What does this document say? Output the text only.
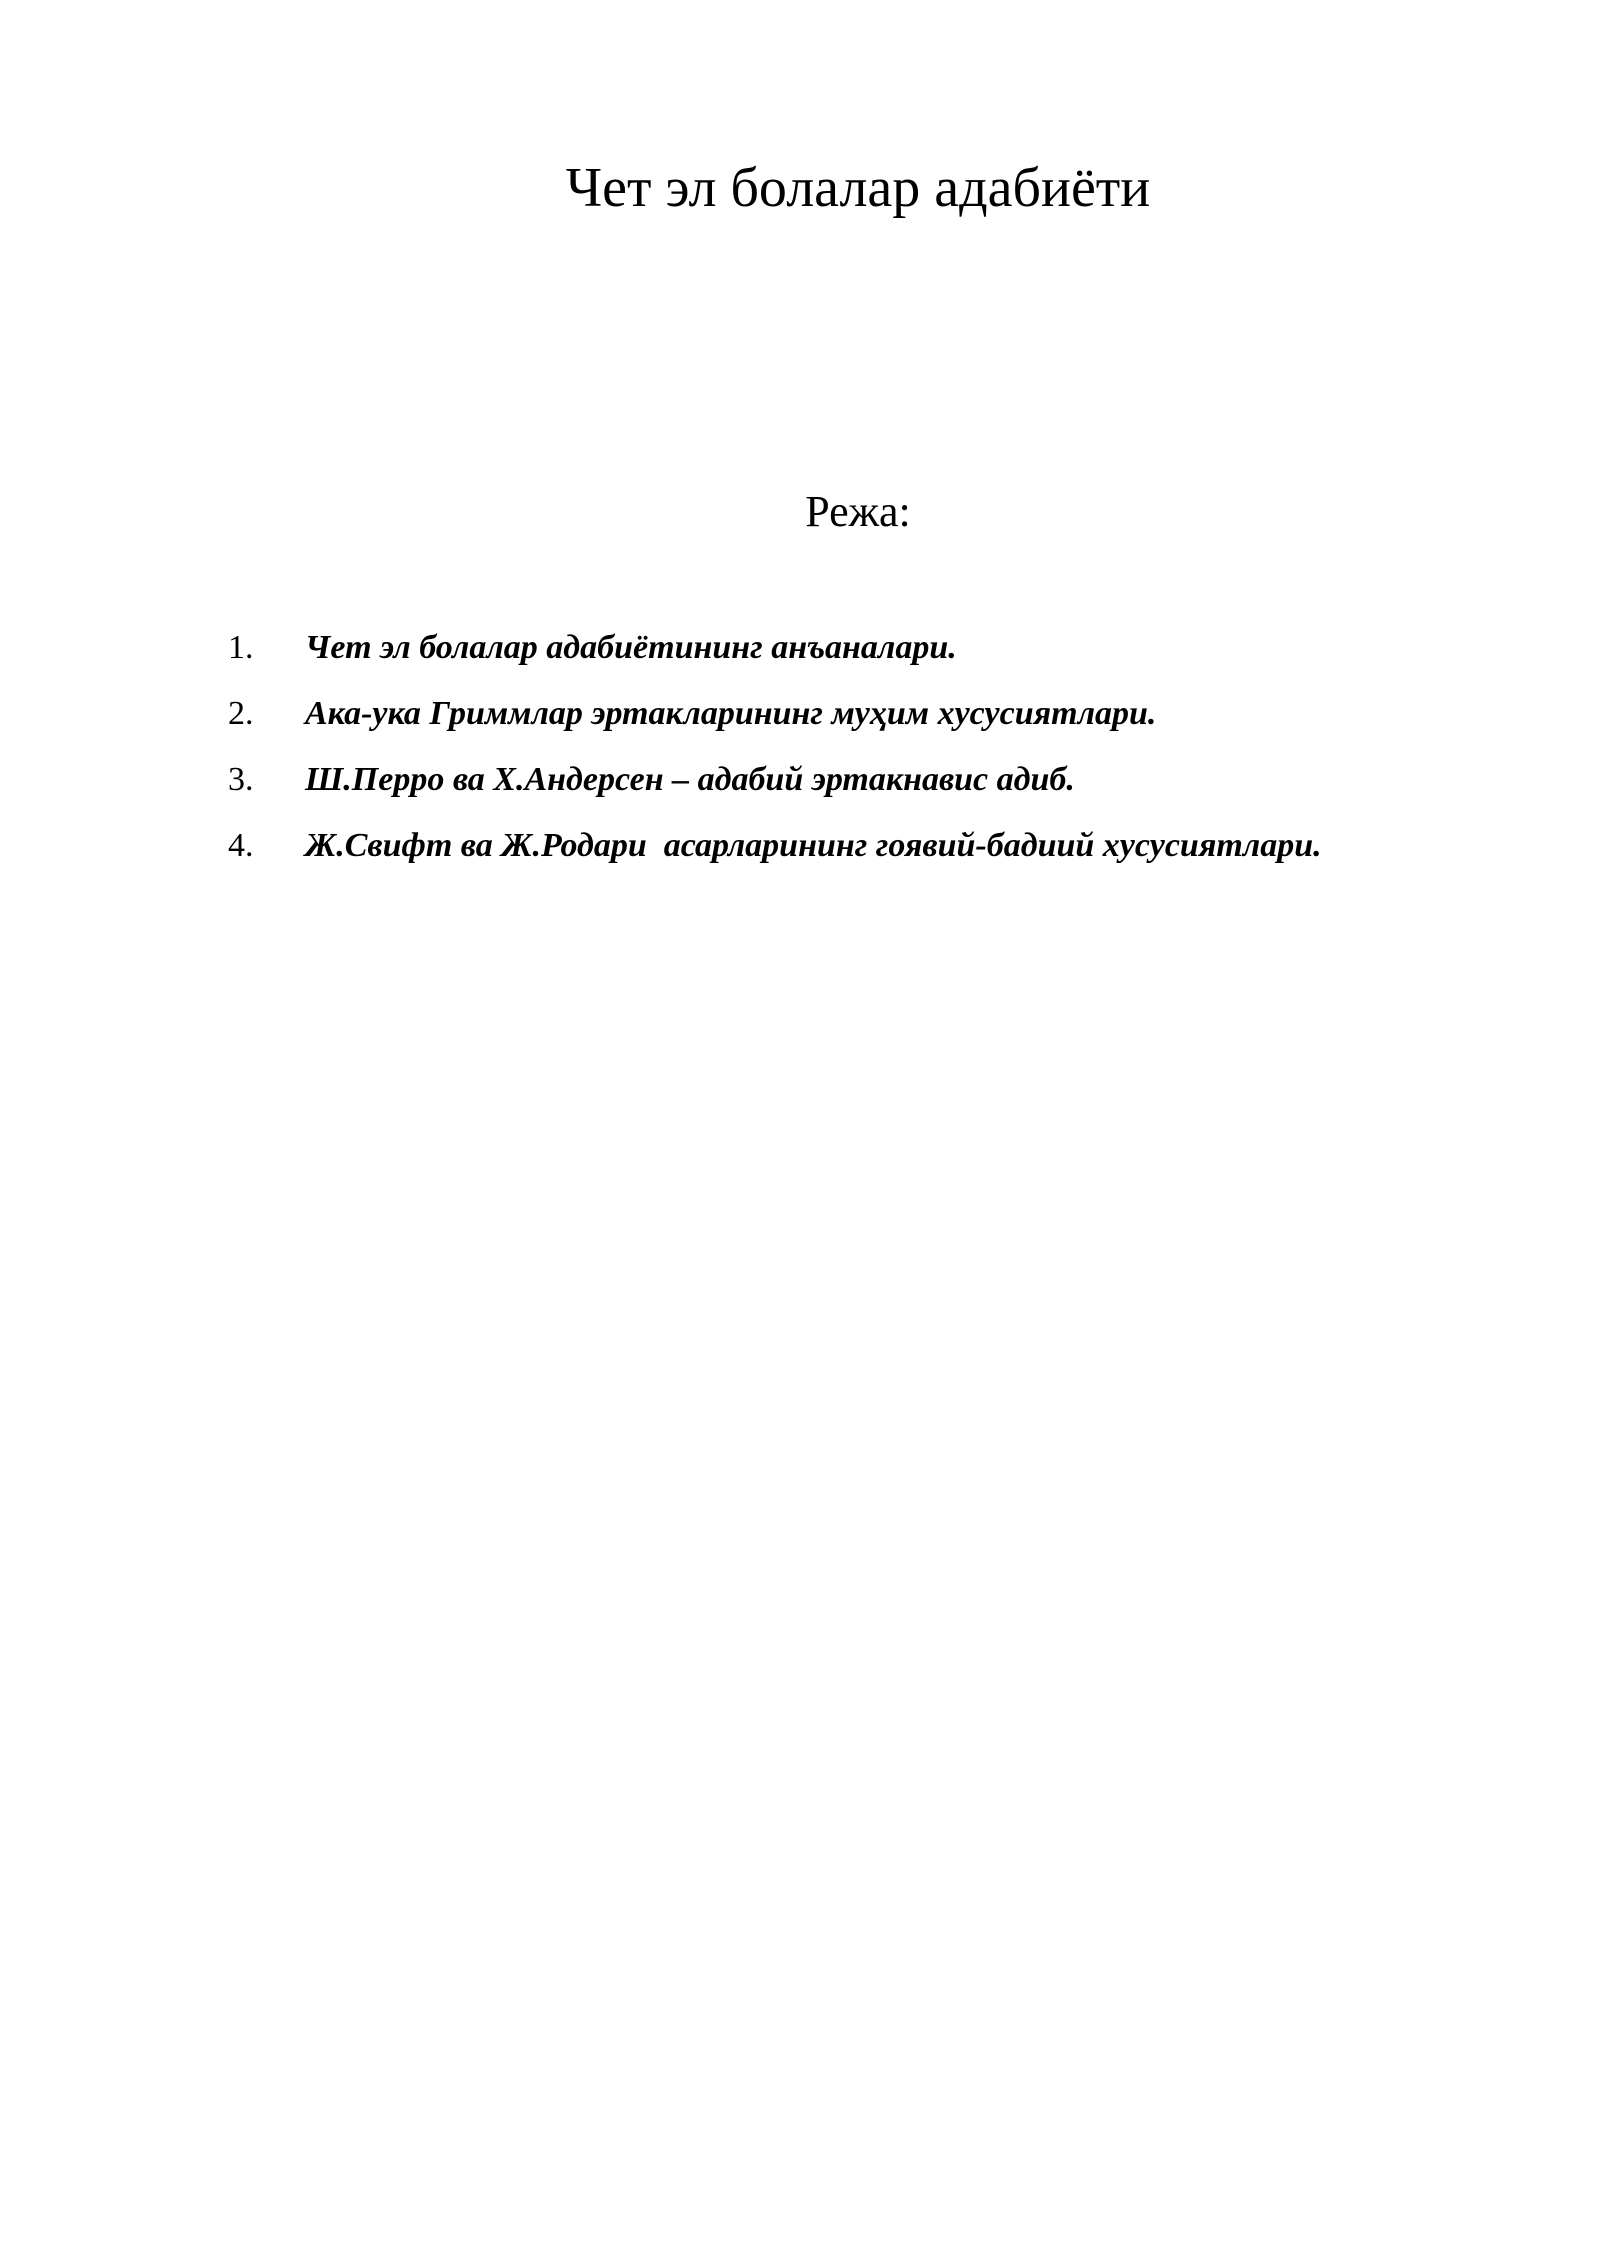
Чет эл болалар адабиёти
Режа:
1.	Чет эл болалар адабиётининг анъаналари.
2.	Ака-ука Гриммлар эртакларининг муҳим хусусиятлари.
3.	Ш.Перро ва Х.Андерсен – адабий эртакнавис адиб.
4.	Ж.Свифт ва Ж.Родари  асарларининг гоявий-бадиий хусусиятлари.
